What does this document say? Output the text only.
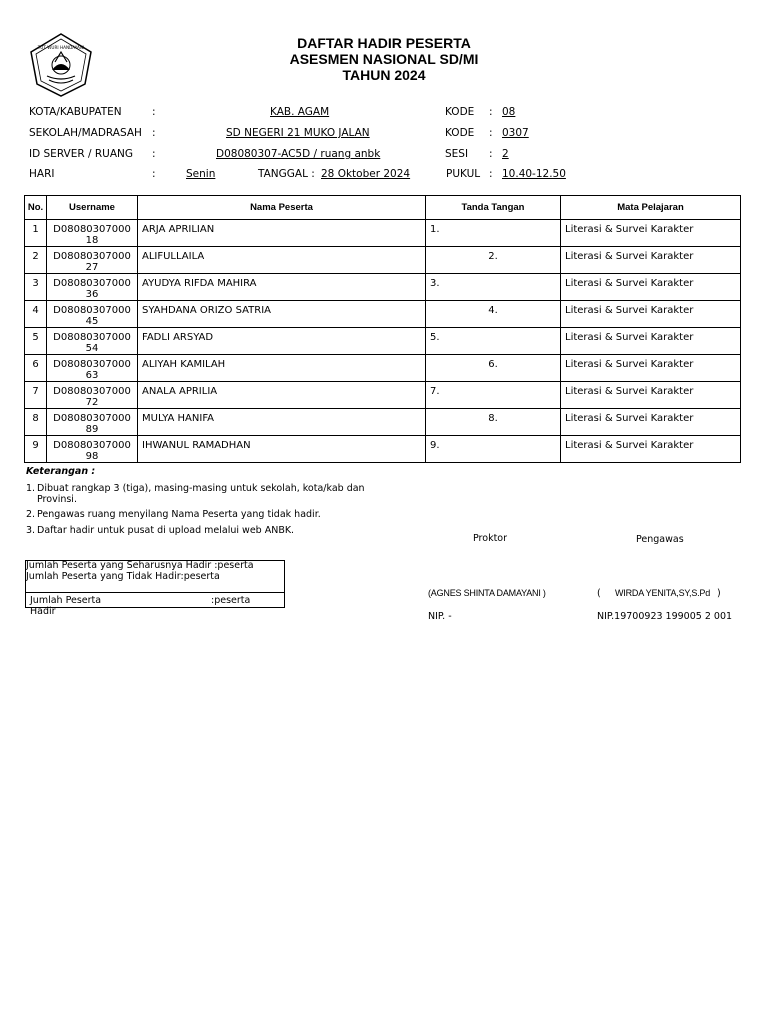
TUT WURI HANDAYANI	DAFTAR HADIR PESERTA
ASESMEN NASIONAL SD/MI
TAHUN 2024
KOTA/KABUPATEN	:	KAB. AGAM	KODE : 08
SEKOLAH/MADRASAH :	SD NEGERI 21 MUKO JALAN	KODE : 0307
ID SERVER / RUANG :	D08080307-AC5D / ruang anbk	SESI : 2
HARI	:	Senin	TANGGAL : 28 Oktober 2024	PUKUL : 10.40-12.50
No.	Username	Nama Peserta	Tanda Tangan	Mata Pelajaran
1	D0808030700018	ARJA APRILIAN	1.	Literasi & Survei Karakter
2	D0808030700027	ALIFULLAILA	2.	Literasi & Survei Karakter
3	D0808030700036	AYUDYA RIFDA MAHIRA	3.	Literasi & Survei Karakter
4	D0808030700045	SYAHDANA ORIZO SATRIA	4.	Literasi & Survei Karakter
5	D0808030700054	FADLI ARSYAD	5.	Literasi & Survei Karakter
6	D0808030700063	ALIYAH KAMILAH	6.	Literasi & Survei Karakter
7	D0808030700072	ANALA APRILIA	7.	Literasi & Survei Karakter
8	D0808030700089	MULYA HANIFA	8.	Literasi & Survei Karakter
9	D0808030700098	IHWANUL RAMADHAN	9.	Literasi & Survei Karakter
Keterangan :
1. Dibuat rangkap 3 (tiga), masing-masing untuk sekolah, kota/kab dan Provinsi.
2. Pengawas ruang menyilang Nama Peserta yang tidak hadir.
3. Daftar hadir untuk pusat di upload melalui web ANBK.
Jumlah Peserta yang Seharusnya Hadir :peserta
Jumlah Peserta yang Tidak Hadir:peserta
Jumlah Peserta Hadir
:peserta
Proktor	Pengawas
(AGNES SHINTA DAMAYANI )	( WIRDA YENITA,SY,S.Pd )
NIP. -	NIP.19700923 199005 2 001
